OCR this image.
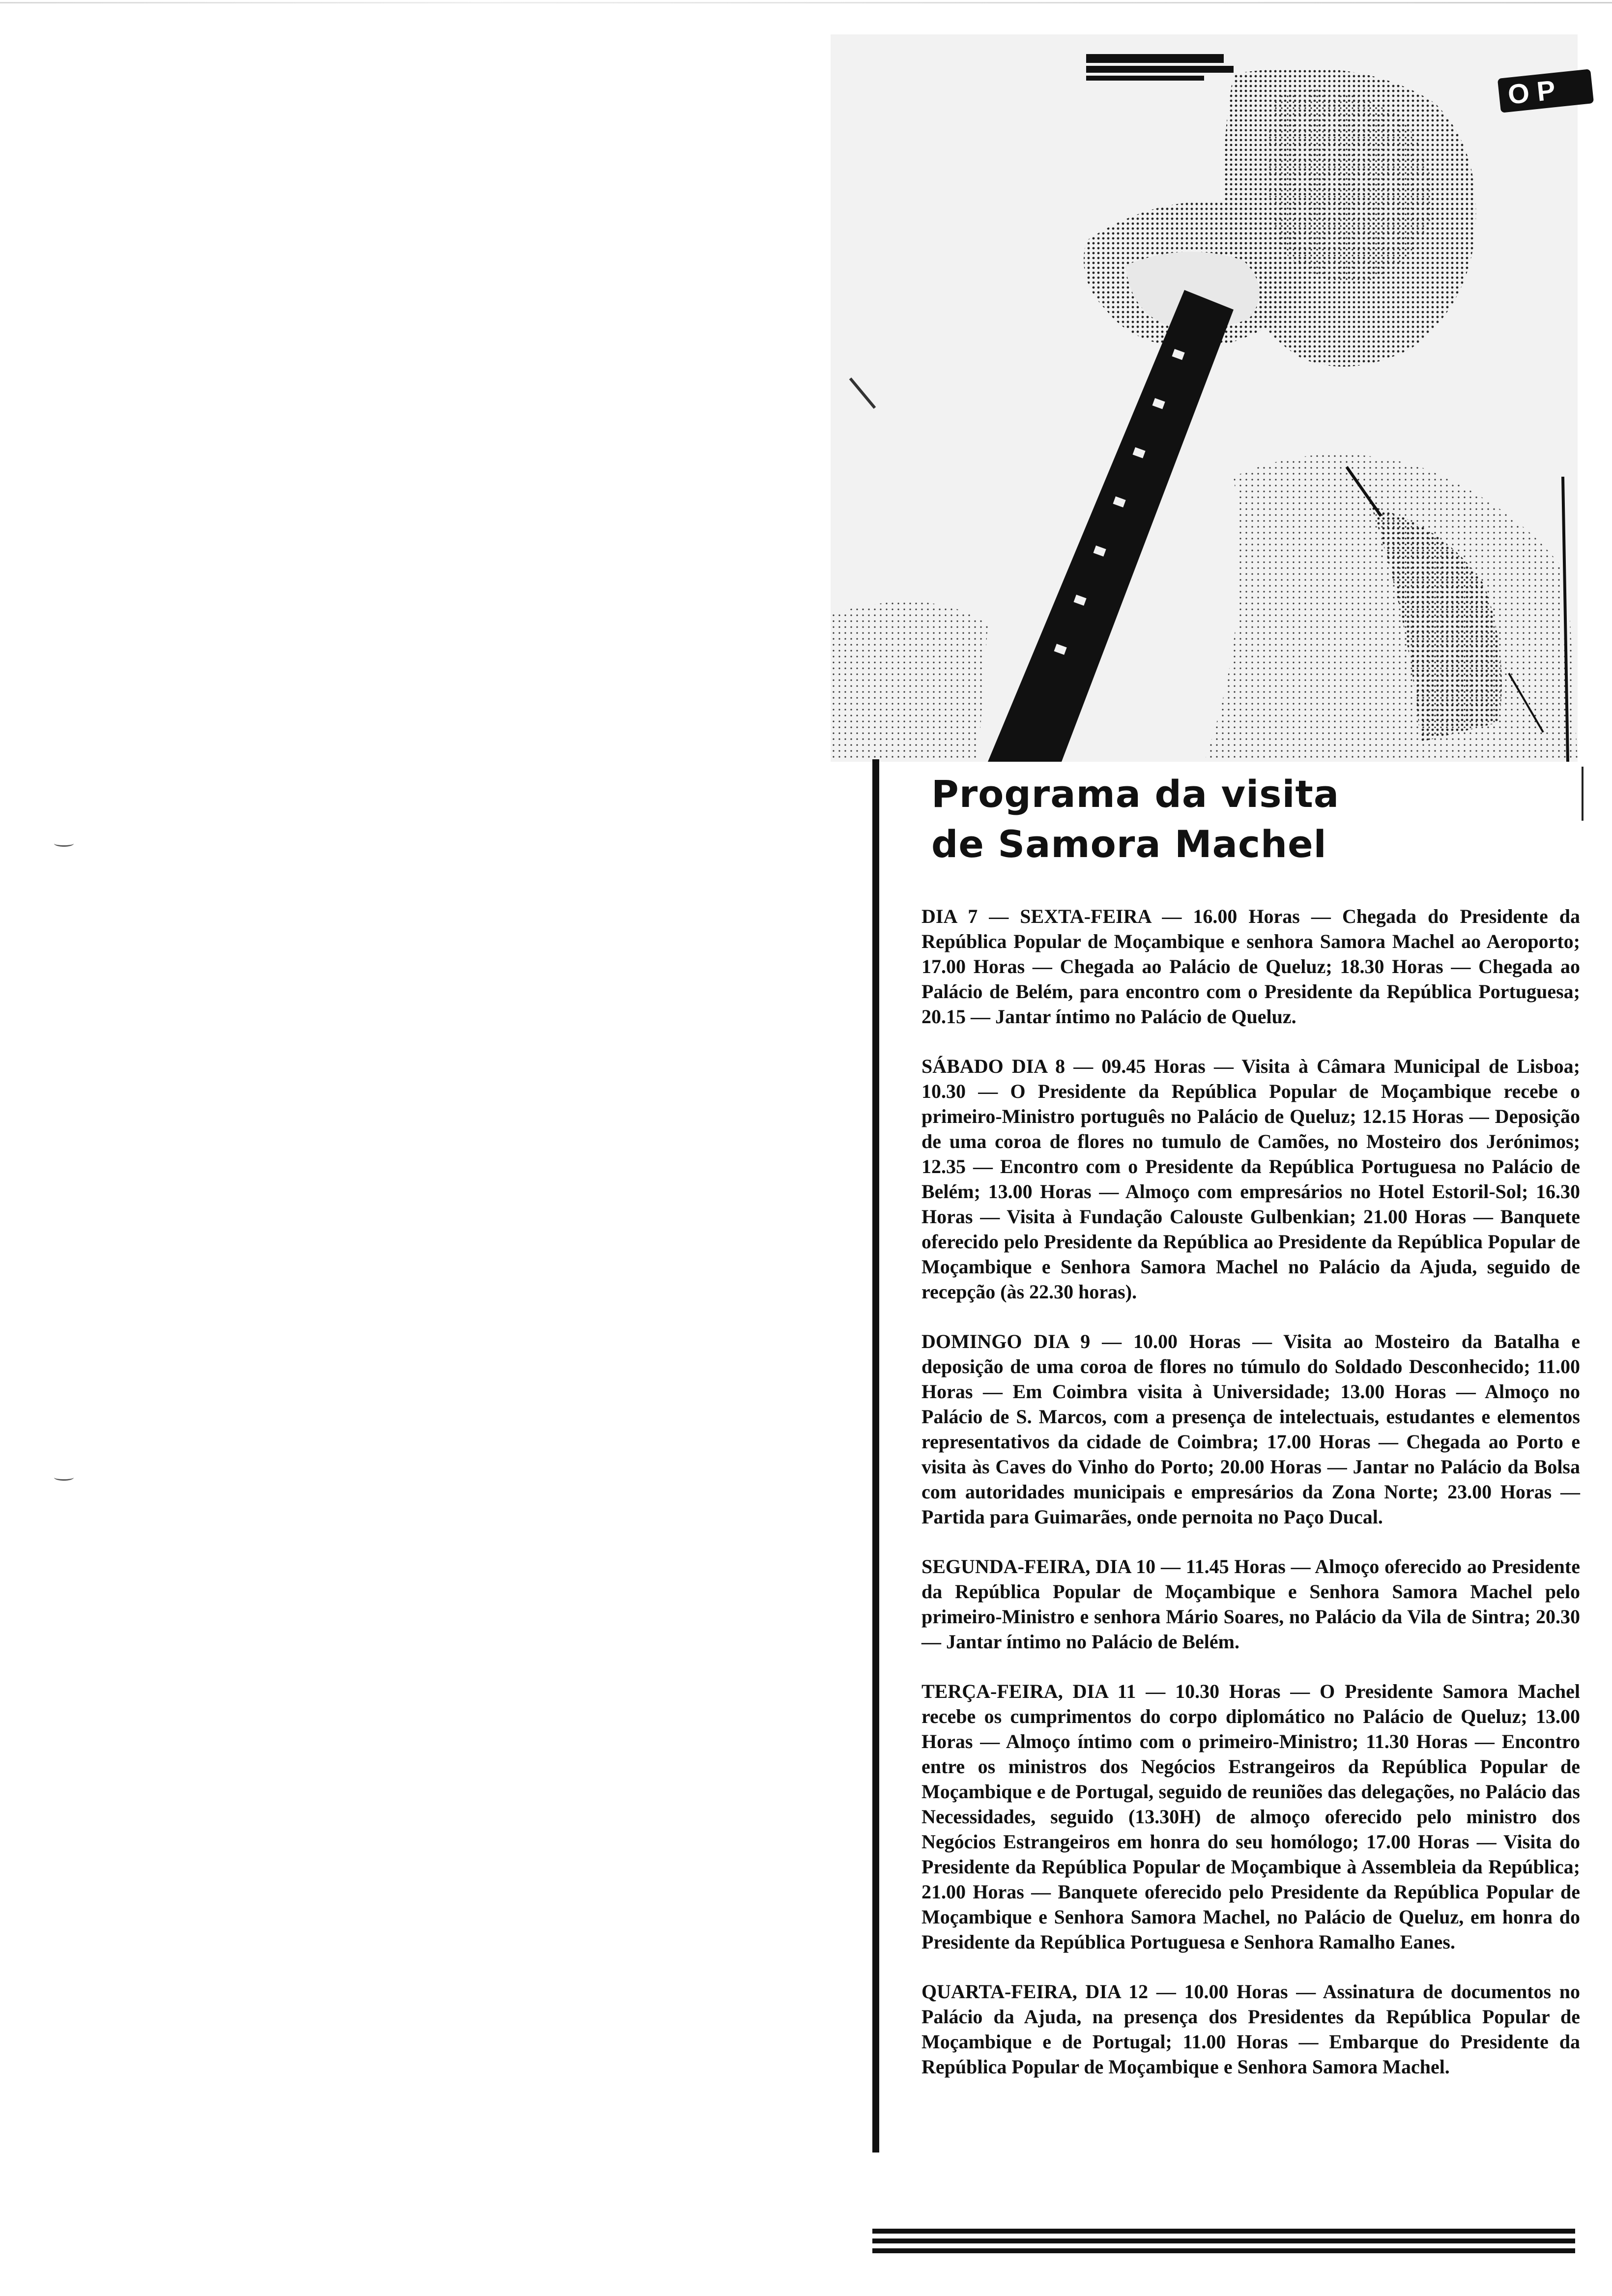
O P
Programa da visita
de Samora Machel

DIA 7 — SEXTA-FEIRA — 16.00 Horas — Chegada do Presidente da República Popular de Moçambique e senhora Samora Machel ao Aeroporto; 17.00 Horas — Chegada ao Palácio de Queluz; 18.30 Horas — Chegada ao Palácio de Belém, para encontro com o Presidente da República Portuguesa; 20.15 — Jantar íntimo no Palácio de Queluz.

SÁBADO DIA 8 — 09.45 Horas — Visita à Câmara Municipal de Lisboa; 10.30 — O Presidente da República Popular de Moçambique recebe o primeiro-Ministro português no Palácio de Queluz; 12.15 Horas — Deposição de uma coroa de flores no tumulo de Camões, no Mosteiro dos Jerónimos; 12.35 — Encontro com o Presidente da República Portuguesa no Palácio de Belém; 13.00 Horas — Almoço com empresários no Hotel Estoril-Sol; 16.30 Horas — Visita à Fundação Calouste Gulbenkian; 21.00 Horas — Banquete oferecido pelo Presidente da República ao Presidente da República Popular de Moçambique e Senhora Samora Machel no Palácio da Ajuda, seguido de recepção (às 22.30 horas).

DOMINGO DIA 9 — 10.00 Horas — Visita ao Mosteiro da Batalha e deposição de uma coroa de flores no túmulo do Soldado Desconhecido; 11.00 Horas — Em Coimbra visita à Universidade; 13.00 Horas — Almoço no Palácio de S. Marcos, com a presença de intelectuais, estudantes e elementos representativos da cidade de Coimbra; 17.00 Horas — Chegada ao Porto e visita às Caves do Vinho do Porto; 20.00 Horas — Jantar no Palácio da Bolsa com autoridades municipais e empresários da Zona Norte; 23.00 Horas — Partida para Guimarães, onde pernoita no Paço Ducal.

SEGUNDA-FEIRA, DIA 10 — 11.45 Horas — Almoço oferecido ao Presidente da República Popular de Moçambique e Senhora Samora Machel pelo primeiro-Ministro e senhora Mário Soares, no Palácio da Vila de Sintra; 20.30 — Jantar íntimo no Palácio de Belém.

TERÇA-FEIRA, DIA 11 — 10.30 Horas — O Presidente Samora Machel recebe os cumprimentos do corpo diplomático no Palácio de Queluz; 13.00 Horas — Almoço íntimo com o primeiro-Ministro; 11.30 Horas — Encontro entre os ministros dos Negócios Estrangeiros da República Popular de Moçambique e de Portugal, seguido de reuniões das delegações, no Palácio das Necessidades, seguido (13.30H) de almoço oferecido pelo ministro dos Negócios Estrangeiros em honra do seu homólogo; 17.00 Horas — Visita do Presidente da República Popular de Moçambique à Assembleia da República; 21.00 Horas — Banquete oferecido pelo Presidente da República Popular de Moçambique e Senhora Samora Machel, no Palácio de Queluz, em honra do Presidente da República Portuguesa e Senhora Ramalho Eanes.

QUARTA-FEIRA, DIA 12 — 10.00 Horas — Assinatura de documentos no Palácio da Ajuda, na presença dos Presidentes da República Popular de Moçambique e de Portugal; 11.00 Horas — Embarque do Presidente da República Popular de Moçambique e Senhora Samora Machel.
